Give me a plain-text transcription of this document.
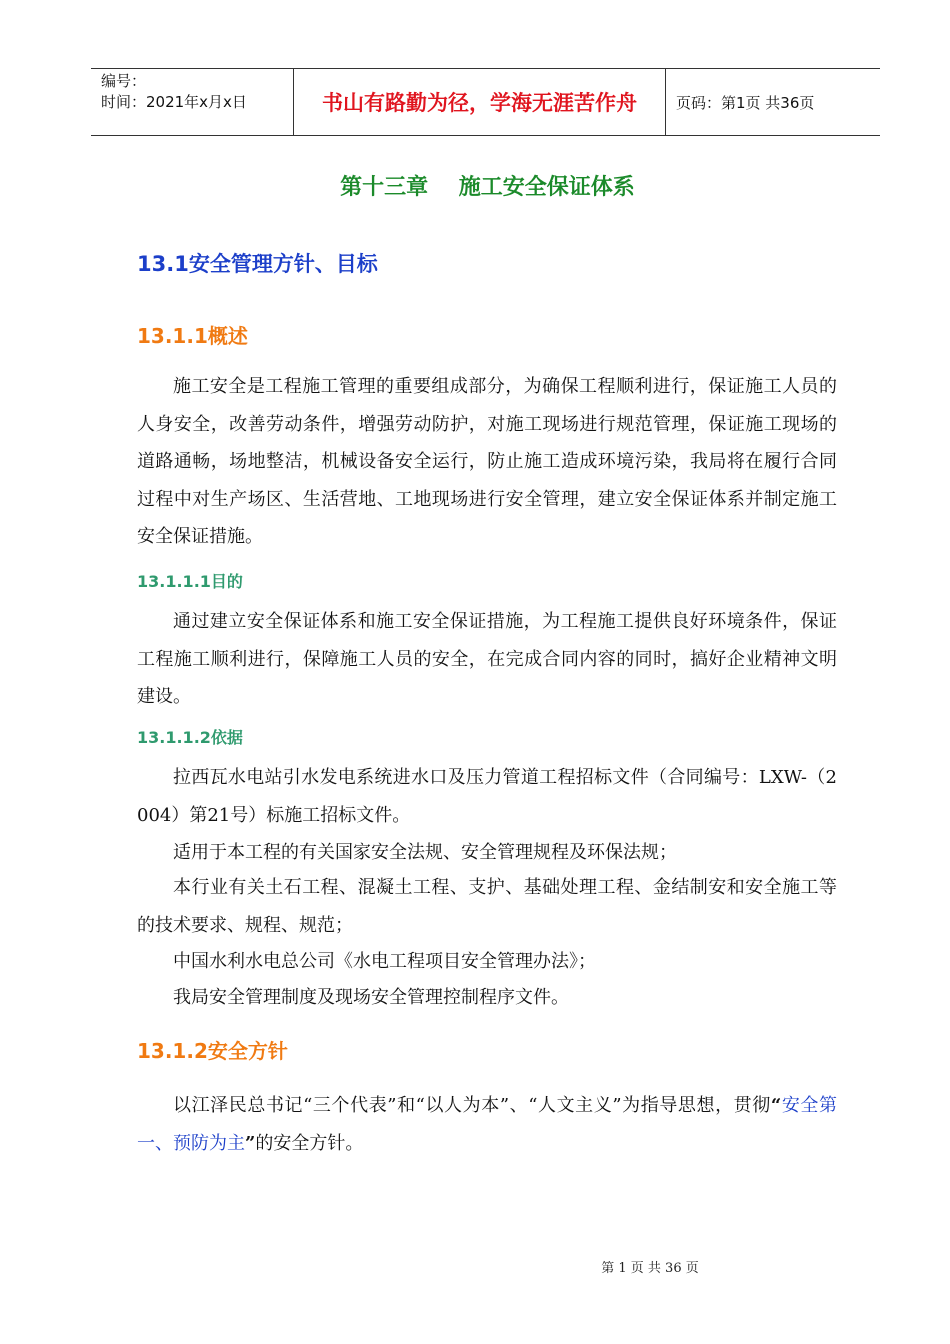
编号：
时间：2021年x月x日	书山有路勤为径，学海无涯苦作舟	页码：第1页 共36页
第十三章    施工安全保证体系
13.1安全管理方针、目标
13.1.1概述
施工安全是工程施工管理的重要组成部分，为确保工程顺利进行，保证施工人员的人身安全，改善劳动条件，增强劳动防护，对施工现场进行规范管理，保证施工现场的道路通畅，场地整洁，机械设备安全运行，防止施工造成环境污染，我局将在履行合同过程中对生产场区、生活营地、工地现场进行安全管理，建立安全保证体系并制定施工安全保证措施。
13.1.1.1目的
通过建立安全保证体系和施工安全保证措施，为工程施工提供良好环境条件，保证工程施工顺利进行，保障施工人员的安全，在完成合同内容的同时，搞好企业精神文明建设。
13.1.1.2依据
拉西瓦水电站引水发电系统进水口及压力管道工程招标文件（合同编号：LXW-（2004）第21号）标施工招标文件。
适用于本工程的有关国家安全法规、安全管理规程及环保法规；
本行业有关土石工程、混凝土工程、支护、基础处理工程、金结制安和安全施工等的技术要求、规程、规范；
中国水利水电总公司《水电工程项目安全管理办法》；
我局安全管理制度及现场安全管理控制程序文件。
13.1.2安全方针
以江泽民总书记“三个代表”和“以人为本”、“人文主义”为指导思想，贯彻“安全第一、预防为主”的安全方针。
第 1 页 共 36 页
